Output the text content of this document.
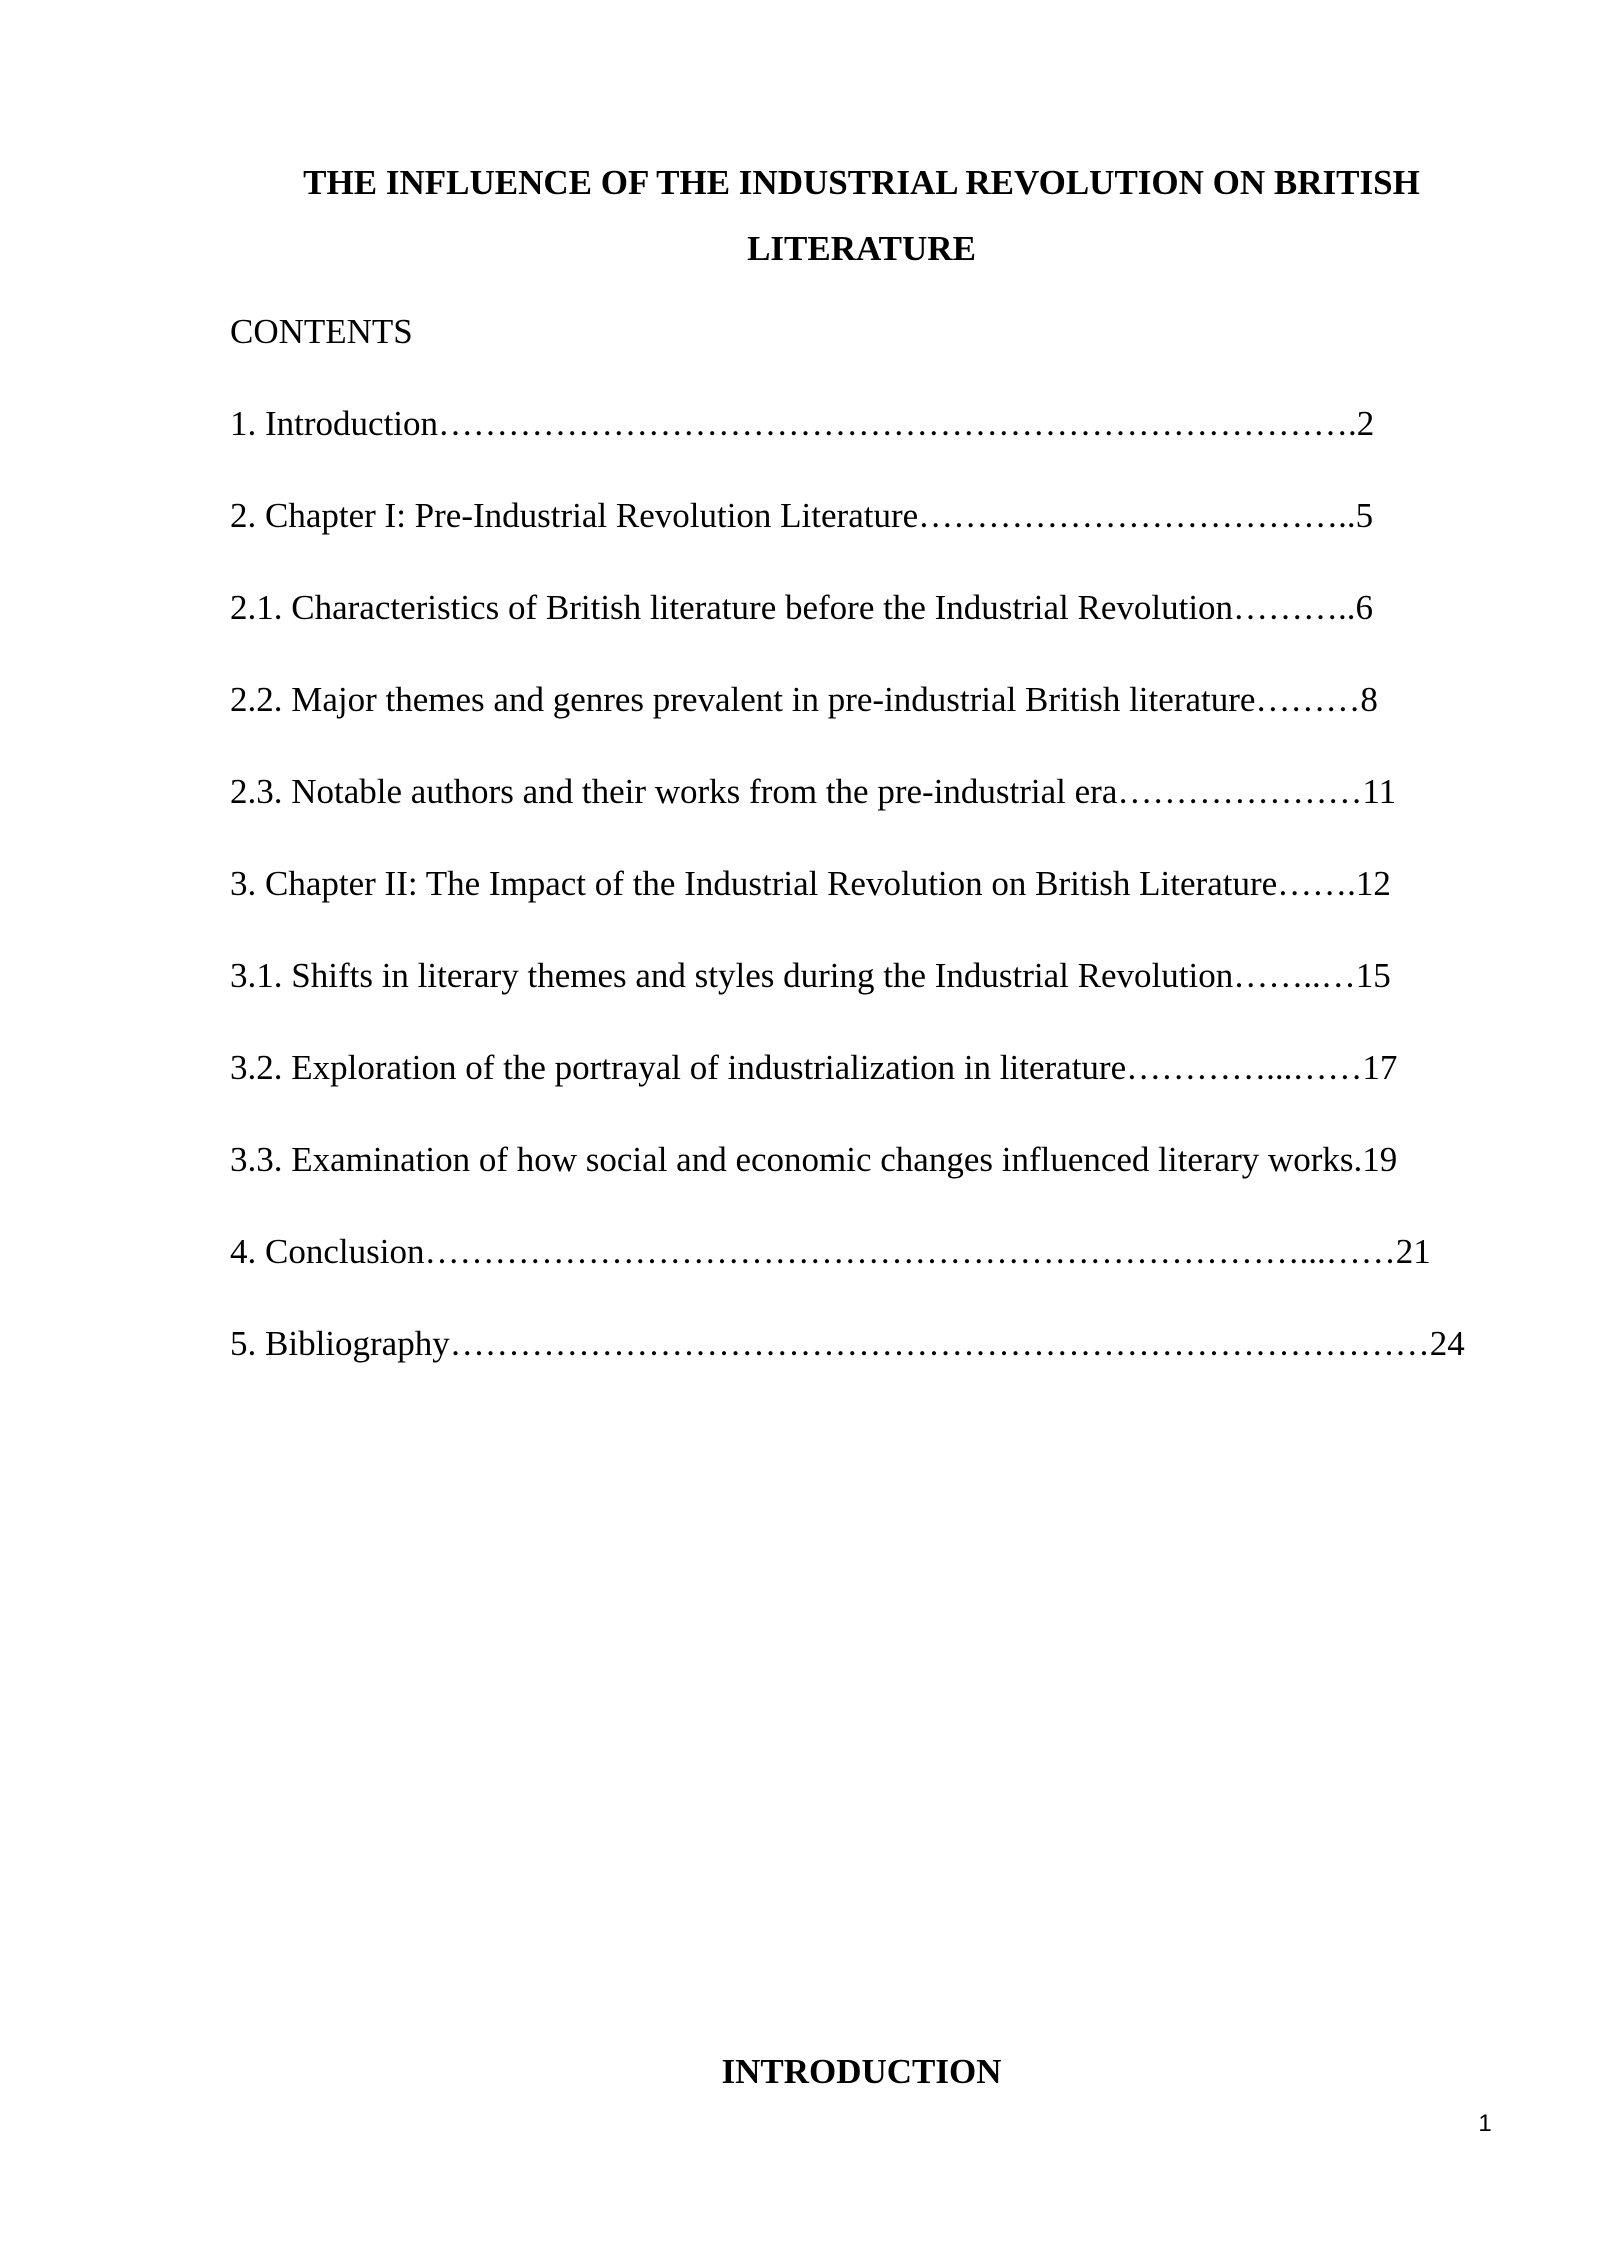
THE INFLUENCE OF THE INDUSTRIAL REVOLUTION ON BRITISH LITERATURE

CONTENTS

1. Introduction…………………………………………………………………….2
2. Chapter I: Pre-Industrial Revolution Literature………………………………..5
2.1. Characteristics of British literature before the Industrial Revolution………..6
2.2. Major themes and genres prevalent in pre-industrial British literature………8
2.3. Notable authors and their works from the pre-industrial era…………………11
3. Chapter II: The Impact of the Industrial Revolution on British Literature…….12
3.1. Shifts in literary themes and styles during the Industrial Revolution……..…15
3.2. Exploration of the portrayal of industrialization in literature…………...……17
3.3. Examination of how social and economic changes influenced literary works.19
4. Conclusion…………………………………………………………………...……21
5. Bibliography…………………………………………………………………………24
INTRODUCTION
1
